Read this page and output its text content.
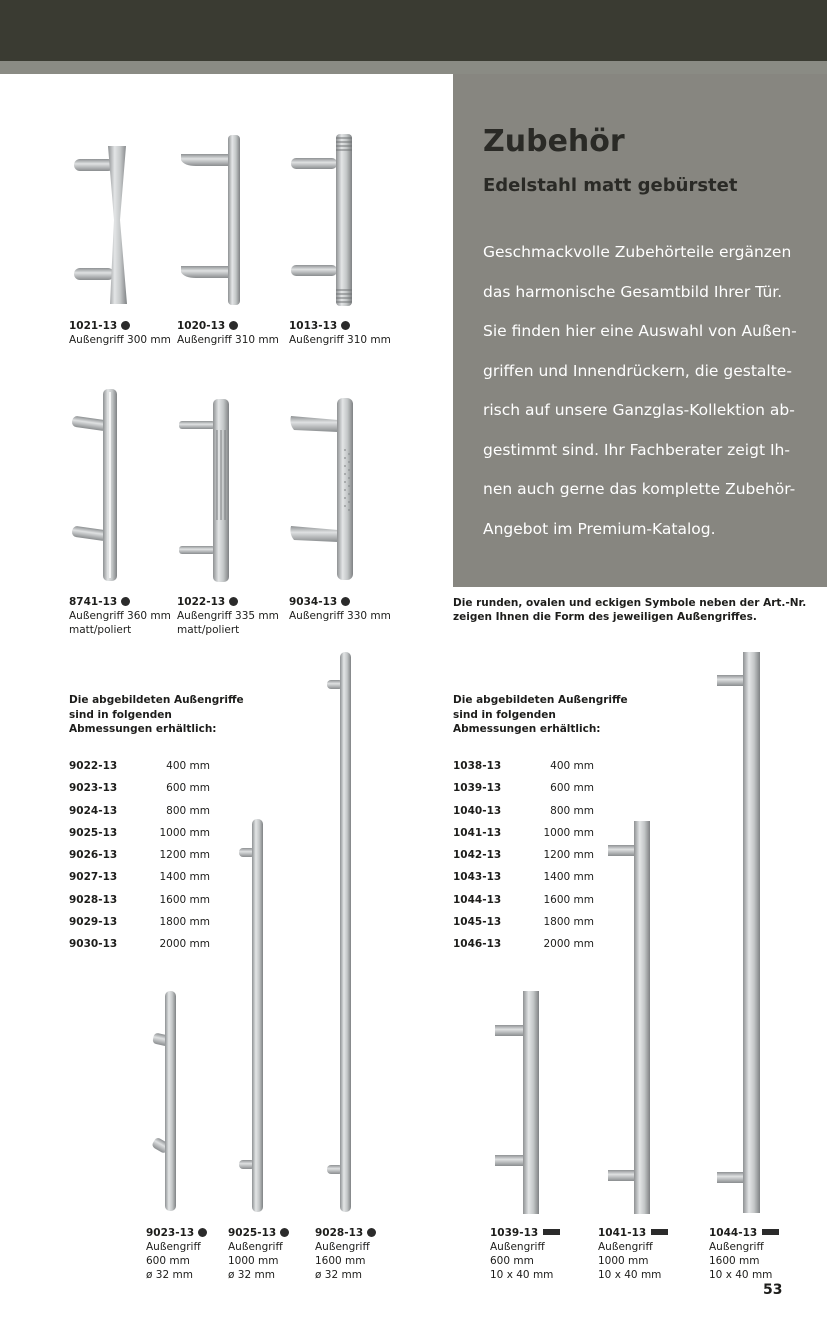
Zubehör
Edelstahl matt gebürstet
Geschmackvolle Zubehörteile ergänzen
das harmonische Gesamtbild Ihrer Tür.
Sie finden hier eine Auswahl von Außen-
griffen und Innendrückern, die gestalte-
risch auf unsere Ganzglas-Kollektion ab-
gestimmt sind. Ihr Fachberater zeigt Ih-
nen auch gerne das komplette Zubehör-
Angebot im Premium-Katalog.
Die runden, ovalen und eckigen Symbole neben der Art.-Nr.
zeigen Ihnen die Form des jeweiligen Außengriffes.
1021-13
Außengriff 300 mm
1020-13
Außengriff 310 mm
1013-13
Außengriff 310 mm
8741-13
Außengriff 360 mm
matt/poliert
1022-13
Außengriff 335 mm
matt/poliert
9034-13
Außengriff 330 mm
Die abgebildeten Außengriffe
sind in folgenden
Abmessungen erhältlich:
9022-13	400 mm
9023-13	600 mm
9024-13	800 mm
9025-13	1000 mm
9026-13	1200 mm
9027-13	1400 mm
9028-13	1600 mm
9029-13	1800 mm
9030-13	2000 mm
Die abgebildeten Außengriffe
sind in folgenden
Abmessungen erhältlich:
1038-13	400 mm
1039-13	600 mm
1040-13	800 mm
1041-13	1000 mm
1042-13	1200 mm
1043-13	1400 mm
1044-13	1600 mm
1045-13	1800 mm
1046-13	2000 mm
9023-13
Außengriff
600 mm
ø 32 mm
9025-13
Außengriff
1000 mm
ø 32 mm
9028-13
Außengriff
1600 mm
ø 32 mm
1039-13
Außengriff
600 mm
10 x 40 mm
1041-13
Außengriff
1000 mm
10 x 40 mm
1044-13
Außengriff
1600 mm
10 x 40 mm
53
